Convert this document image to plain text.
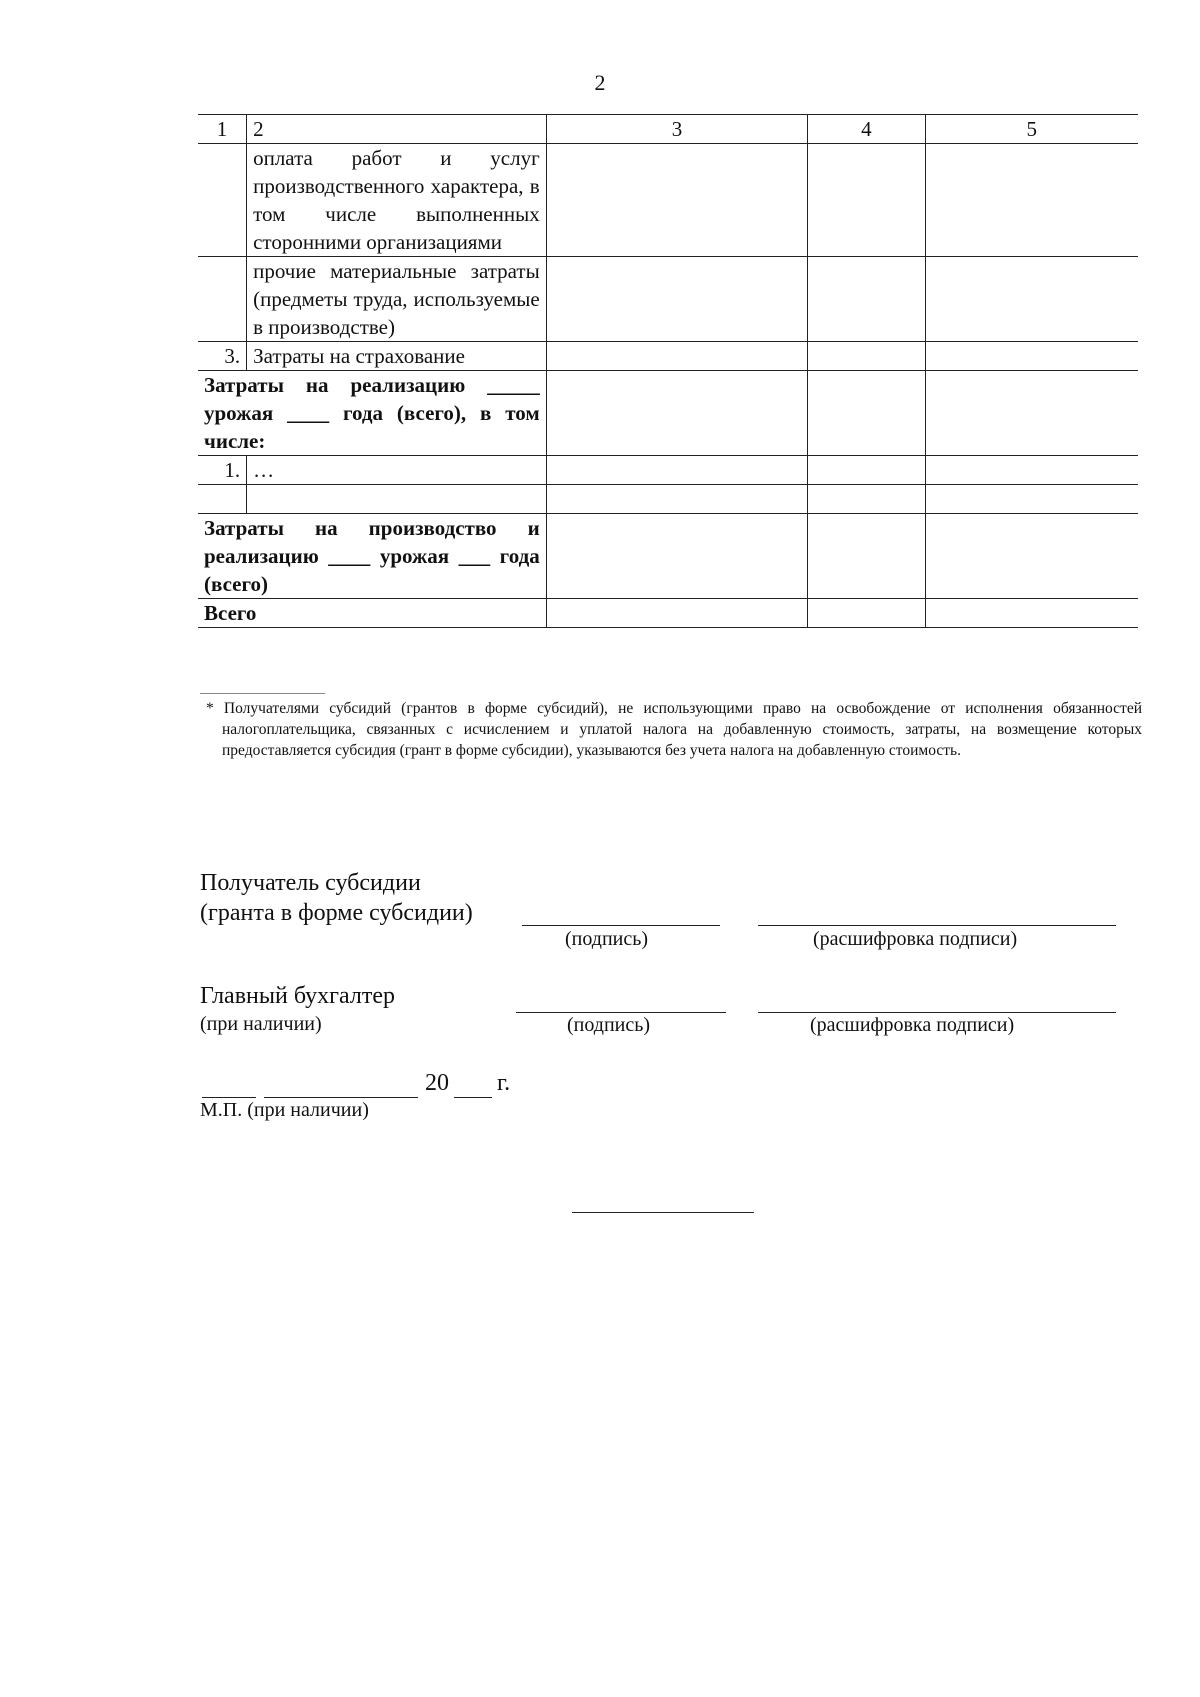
2
1	2	3	4	5
	оплата работ и услуг производственного характера, в том числе выполненных сторонними организациями			
	прочие материальные затраты (предметы труда, используемые в производстве)			
3.	Затраты на страхование			
Затраты на реализацию _____ урожая ____ года (всего), в том числе:				
1.	…			

Затраты на производство и реализацию ____ урожая ___ года (всего)				
Всего				
* Получателями субсидий (грантов в форме субсидий), не использующими право на освобождение от исполнения обязанностей налогоплательщика, связанных с исчислением и уплатой налога на добавленную стоимость, затраты, на возмещение которых предоставляется субсидия (грант в форме субсидии), указываются без учета налога на добавленную стоимость.
Получатель субсидии
(гранта в форме субсидии)
(подпись)	(расшифровка подписи)
Главный бухгалтер
(при наличии)	(подпись)	(расшифровка подписи)
20 г.
М.П. (при наличии)
